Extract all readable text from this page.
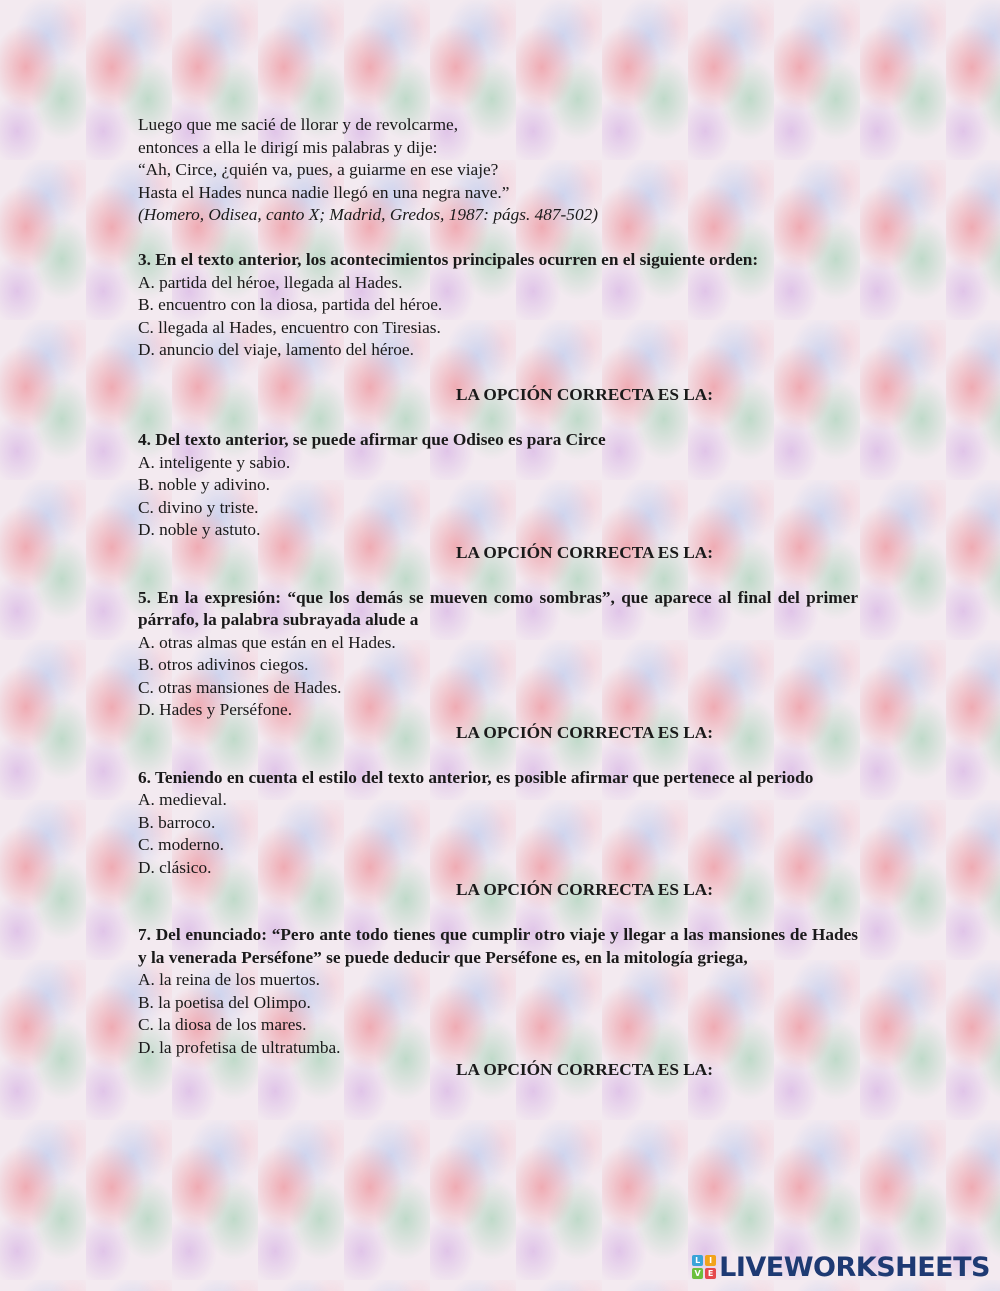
Luego que me sacié de llorar y de revolcarme,

entonces a ella le dirigí mis palabras y dije:

“Ah, Circe, ¿quién va, pues, a guiarme en ese viaje?

Hasta el Hades nunca nadie llegó en una negra nave.”

(Homero, Odisea, canto X; Madrid, Gredos, 1987: págs. 487-502)

3. En el texto anterior, los acontecimientos principales ocurren en el siguiente orden:

A. partida del héroe, llegada al Hades.

B. encuentro con la diosa, partida del héroe.

C. llegada al Hades, encuentro con Tiresias.

D. anuncio del viaje, lamento del héroe.

LA OPCIÓN CORRECTA ES LA:

4. Del texto anterior, se puede afirmar que Odiseo es para Circe

A. inteligente y sabio.

B. noble y adivino.

C. divino y triste.

D. noble y astuto.

LA OPCIÓN CORRECTA ES LA:

5. En la expresión: “que los demás se mueven como sombras”, que aparece al final del primer párrafo, la palabra subrayada alude a

A. otras almas que están en el Hades.

B. otros adivinos ciegos.

C. otras mansiones de Hades.

D. Hades y Perséfone.

LA OPCIÓN CORRECTA ES LA:

6. Teniendo en cuenta el estilo del texto anterior, es posible afirmar que pertenece al periodo

A. medieval.

B. barroco.

C. moderno.

D. clásico.

LA OPCIÓN CORRECTA ES LA:

7. Del enunciado: “Pero ante todo tienes que cumplir otro viaje y llegar a las mansiones de Hades y la venerada Perséfone” se puede deducir que Perséfone es, en la mitología griega,

A. la reina de los muertos.

B. la poetisa del Olimpo.

C. la diosa de los mares.

D. la profetisa de ultratumba.

LA OPCIÓN CORRECTA ES LA:

L	I
V E LIVEWORKSHEETS
